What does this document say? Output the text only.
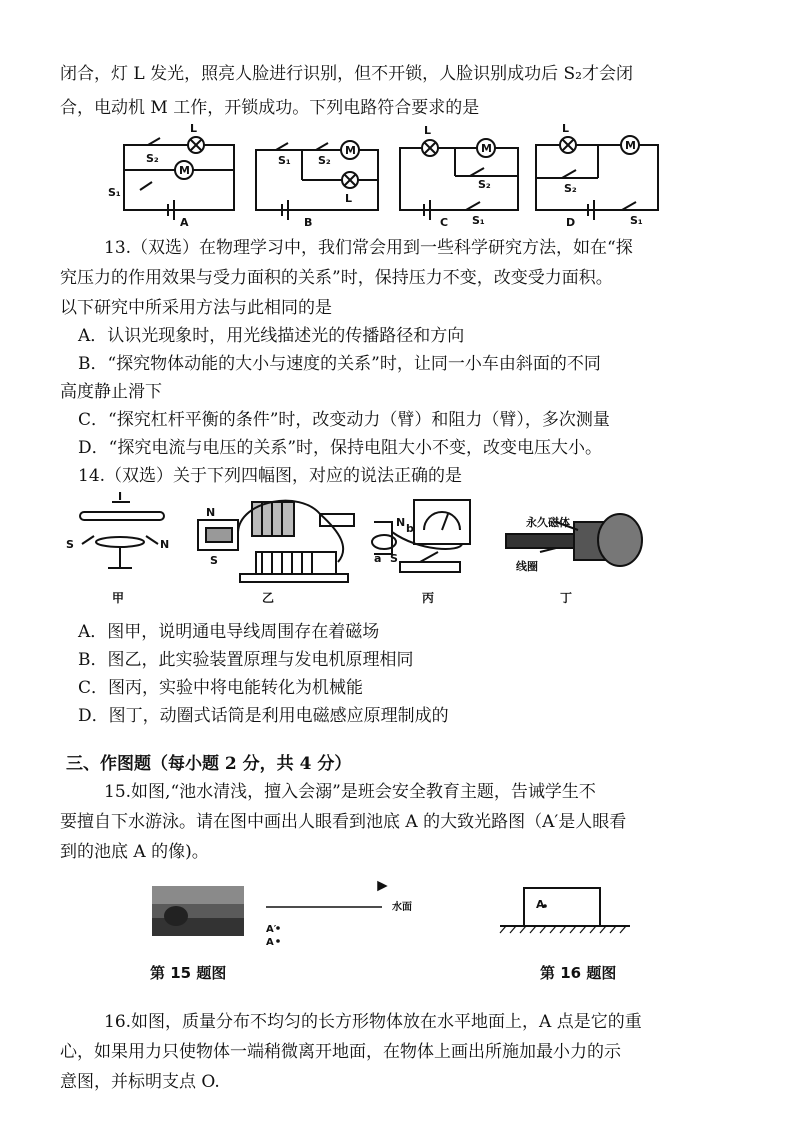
闭合，灯 L 发光，照亮人脸进行识别，但不开锁，人脸识别成功后 S₂才会闭
合，电动机 M 工作，开锁成功。下列电路符合要求的是
L
M
S₂
S₁
A
S₁ S₂
M
L
B
L
M
S₂
S₁
C
L
M
S₂
S₁
D
13.（双选）在物理学习中，我们常会用到一些科学研究方法，如在“探
究压力的作用效果与受力面积的关系”时，保持压力不变，改变受力面积。
以下研究中所采用方法与此相同的是
A．认识光现象时，用光线描述光的传播路径和方向
B．“探究物体动能的大小与速度的关系”时，让同一小车由斜面的不同
高度静止滑下
C．“探究杠杆平衡的条件”时，改变动力（臂）和阻力（臂），多次测量
D．“探究电流与电压的关系”时，保持电阻大小不变，改变电压大小。
14.（双选）关于下列四幅图，对应的说法正确的是
I
S	N
N
S
N b
a S
永久磁体
线圈
甲	乙	丙	丁
A．图甲，说明通电导线周围存在着磁场
B．图乙，此实验装置原理与发电机原理相同
C．图丙，实验中将电能转化为机械能
D．图丁，动圈式话筒是利用电磁感应原理制成的
三、作图题（每小题 2 分，共 4 分）
15.如图,“池水清浅，擅入会溺”是班会安全教育主题，告诫学生不
要擅自下水游泳。请在图中画出人眼看到池底 A 的大致光路图（A′是人眼看
到的池底 A 的像)。
水面
A′
A
A
第 15 题图	第 16 题图
16.如图，质量分布不均匀的长方形物体放在水平地面上，A 点是它的重
心，如果用力只使物体一端稍微离开地面，在物体上画出所施加最小力的示
意图，并标明支点 O.
